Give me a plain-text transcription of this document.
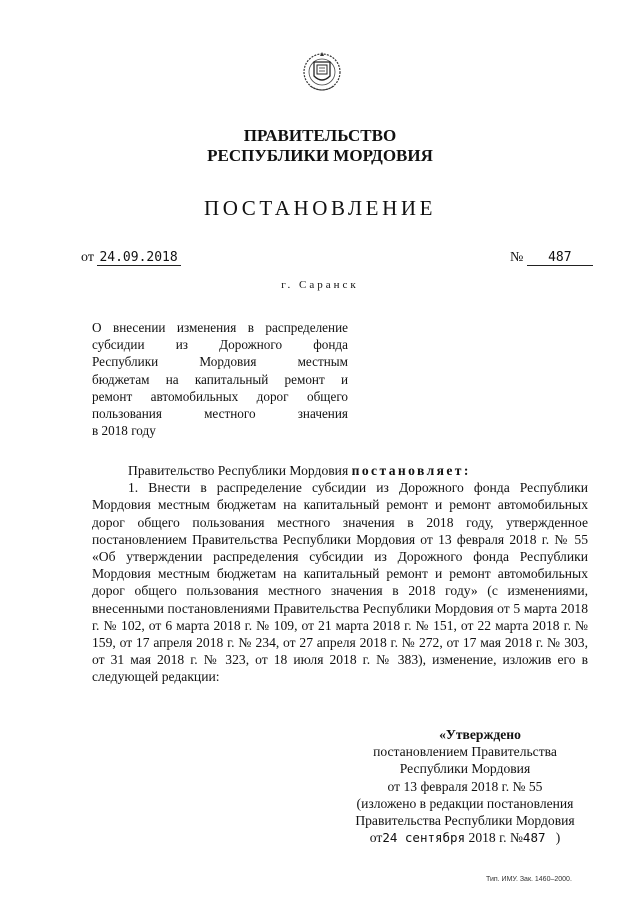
ПРАВИТЕЛЬСТВО
РЕСПУБЛИКИ МОРДОВИЯ
ПОСТАНОВЛЕНИЕ
от 24.09.2018	№ 487
г. Саранск
О внесении изменения в распределение
субсидии из Дорожного фонда
Республики Мордовия местным
бюджетам на капитальный ремонт и
ремонт автомобильных дорог общего
пользования местного значения
в 2018 году

Правительство Республики Мордовия постановляет:

1. Внести в распределение субсидии из Дорожного фонда Республики Мордовия местным бюджетам на капитальный ремонт и ремонт автомобильных дорог общего пользования местного значения в 2018 году, утвержденное постановлением Правительства Республики Мордовия от 13 февраля 2018 г. № 55 «Об утверждении распределения субсидии из Дорожного фонда Республики Мордовия местным бюджетам на капитальный ремонт и ремонт автомобильных дорог общего пользования местного значения в 2018 году» (с изменениями, внесенными постановлениями Правительства Республики Мордовия от 5 марта 2018 г. № 102, от 6 марта 2018 г. № 109, от 21 марта 2018 г. № 151, от 22 марта 2018 г. № 159, от 17 апреля 2018 г. № 234, от 27 апреля 2018 г. № 272, от 17 мая 2018 г. № 303, от 31 мая 2018 г. № 323, от 18 июля 2018 г. № 383), изменение, изложив его в следующей редакции:

«Утверждено
постановлением Правительства
Республики Мордовия
от 13 февраля 2018 г. № 55
(изложено в редакции постановления
Правительства Республики Мордовия
от24 сентября 2018 г. №487 )
Тип. ИМУ. Зак. 1460–2000.
